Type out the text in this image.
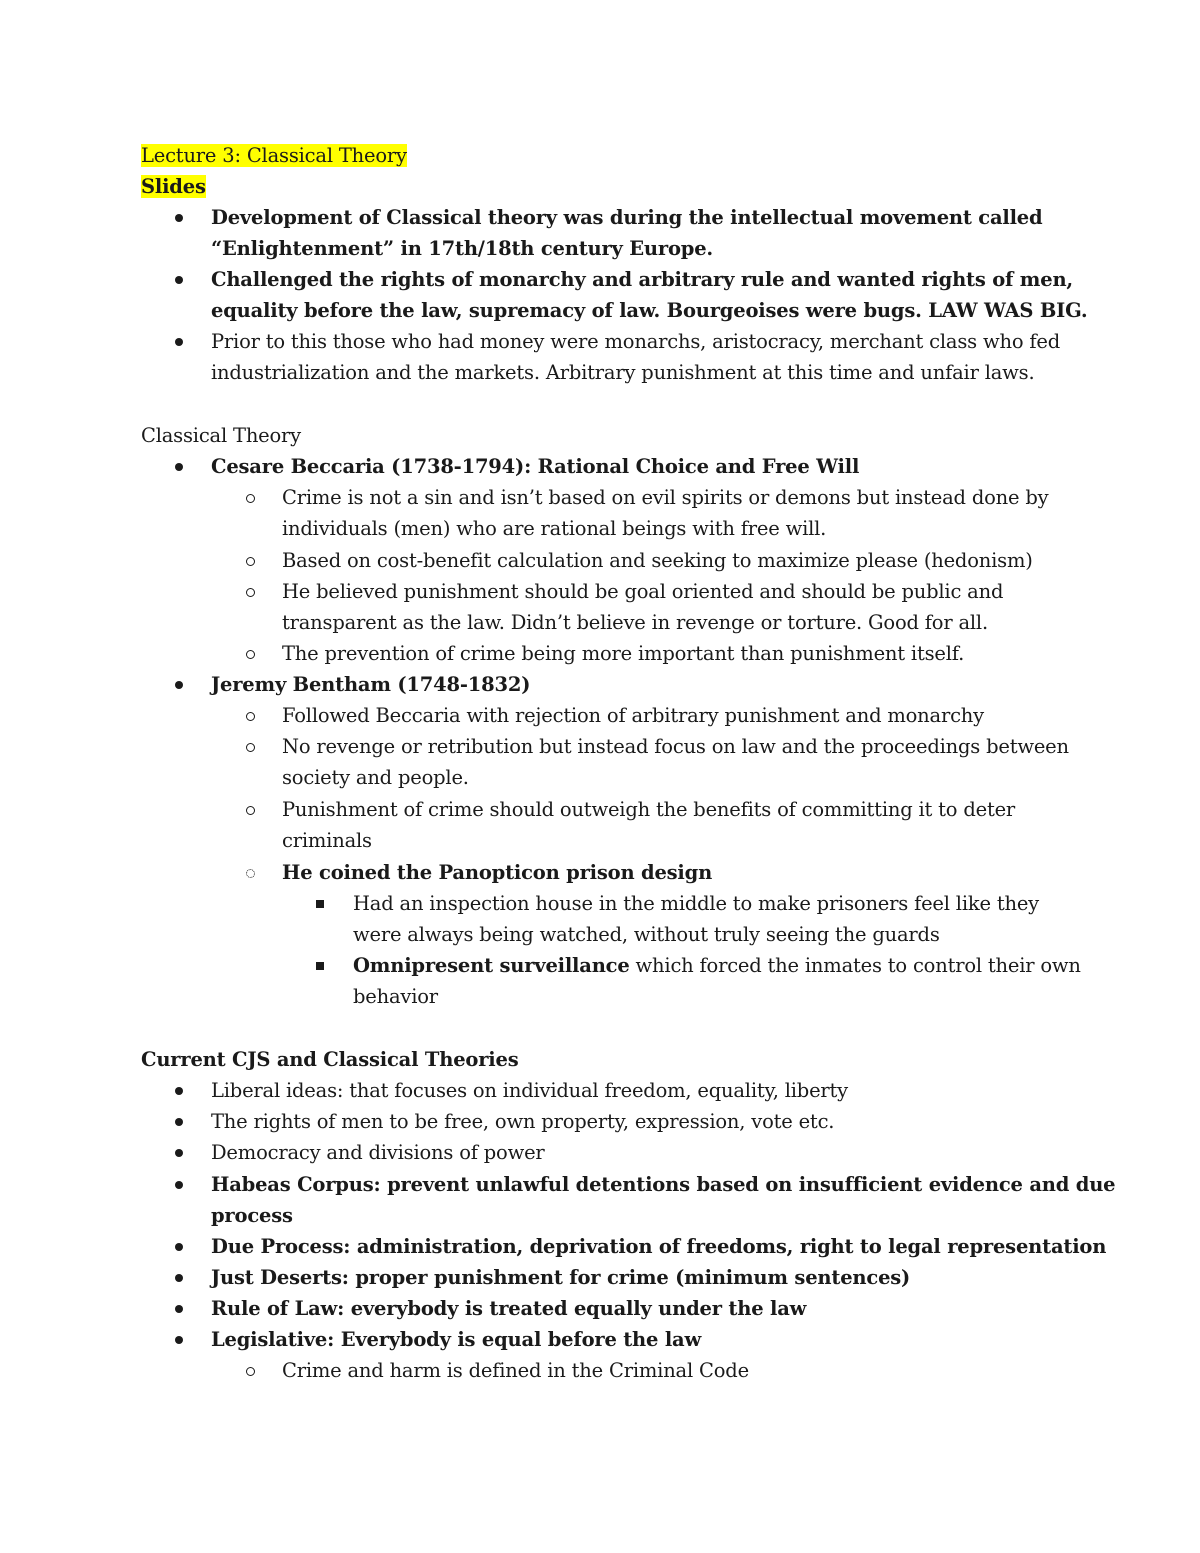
Lecture 3: Classical Theory
Slides
Development of Classical theory was during the intellectual movement called
“Enlightenment” in 17th/18th century Europe.
Challenged the rights of monarchy and arbitrary rule and wanted rights of men,
equality before the law, supremacy of law. Bourgeoises were bugs. LAW WAS BIG.
Prior to this those who had money were monarchs, aristocracy, merchant class who fed
industrialization and the markets. Arbitrary punishment at this time and unfair laws.
Classical Theory
Cesare Beccaria (1738-1794): Rational Choice and Free Will
Crime is not a sin and isn’t based on evil spirits or demons but instead done by
individuals (men) who are rational beings with free will.
Based on cost-benefit calculation and seeking to maximize please (hedonism)
He believed punishment should be goal oriented and should be public and
transparent as the law. Didn’t believe in revenge or torture. Good for all.
The prevention of crime being more important than punishment itself.
Jeremy Bentham (1748-1832)
Followed Beccaria with rejection of arbitrary punishment and monarchy
No revenge or retribution but instead focus on law and the proceedings between
society and people.
Punishment of crime should outweigh the benefits of committing it to deter
criminals
He coined the Panopticon prison design
Had an inspection house in the middle to make prisoners feel like they
were always being watched, without truly seeing the guards
Omnipresent surveillance which forced the inmates to control their own
behavior
Current CJS and Classical Theories
Liberal ideas: that focuses on individual freedom, equality, liberty
The rights of men to be free, own property, expression, vote etc.
Democracy and divisions of power
Habeas Corpus: prevent unlawful detentions based on insufficient evidence and due
process
Due Process: administration, deprivation of freedoms, right to legal representation
Just Deserts: proper punishment for crime (minimum sentences)
Rule of Law: everybody is treated equally under the law
Legislative: Everybody is equal before the law
Crime and harm is defined in the Criminal Code
